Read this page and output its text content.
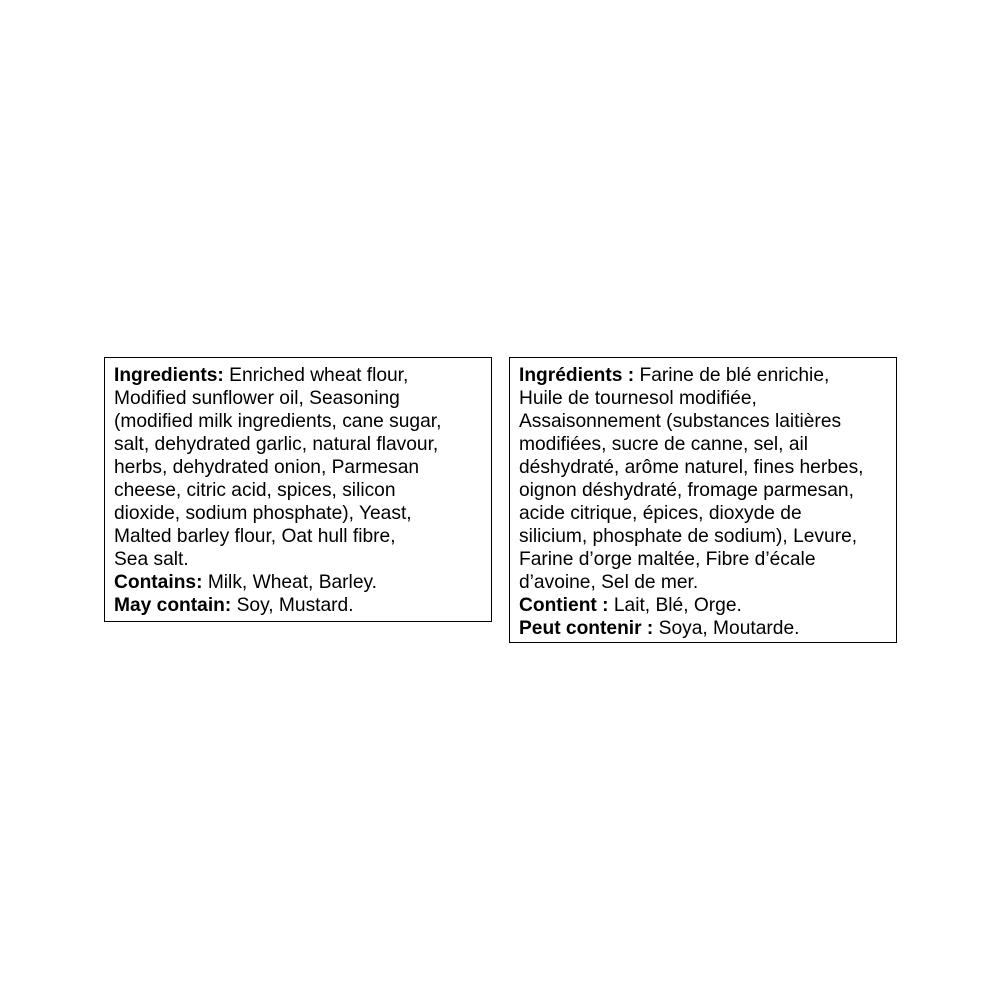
Ingredients: Enriched wheat flour,
Modified sunflower oil, Seasoning
(modified milk ingredients, cane sugar,
salt, dehydrated garlic, natural flavour,
herbs, dehydrated onion, Parmesan
cheese, citric acid, spices, silicon
dioxide, sodium phosphate), Yeast,
Malted barley flour, Oat hull fibre,
Sea salt.
Contains: Milk, Wheat, Barley.
May contain: Soy, Mustard.
Ingrédients : Farine de blé enrichie,
Huile de tournesol modifiée,
Assaisonnement (substances laitières
modifiées, sucre de canne, sel, ail
déshydraté, arôme naturel, fines herbes,
oignon déshydraté, fromage parmesan,
acide citrique, épices, dioxyde de
silicium, phosphate de sodium), Levure,
Farine d’orge maltée, Fibre d’écale
d’avoine, Sel de mer.
Contient : Lait, Blé, Orge.
Peut contenir : Soya, Moutarde.
